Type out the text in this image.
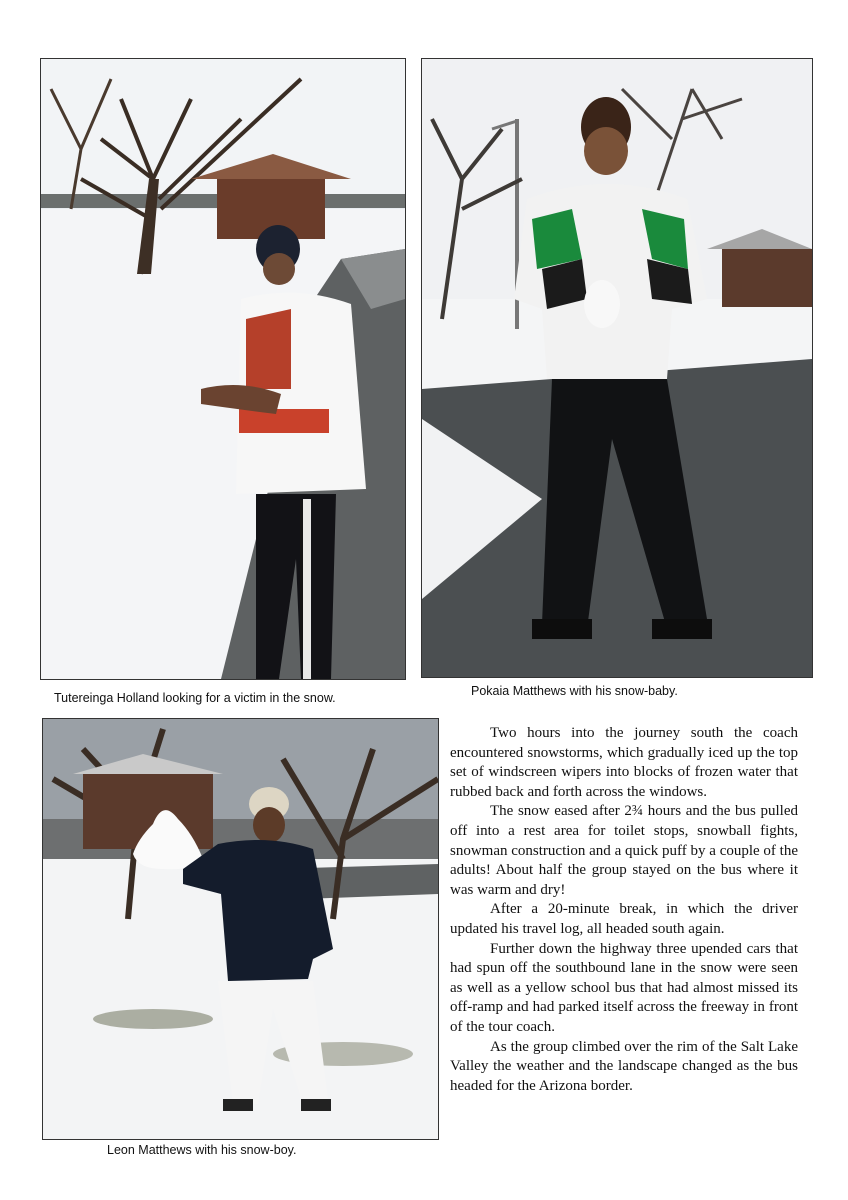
Tutereinga Holland looking for a victim in the snow.	Pokaia Matthews with his snow-baby.
Leon Matthews with his snow-boy.

Two hours into the journey south the coach encountered snowstorms, which gradually iced up the top set of windscreen wipers into blocks of frozen water that rubbed back and forth across the windows.

The snow eased after 2¾ hours and the bus pulled off into a rest area for toilet stops, snowball fights, snowman construction and a quick puff by a couple of the adults! About half the group stayed on the bus where it was warm and dry!

After a 20-minute break, in which the driver updated his travel log, all headed south again.

Further down the highway three upended cars that had spun off the southbound lane in the snow were seen as well as a yellow school bus that had almost missed its off-ramp and had parked itself across the freeway in front of the tour coach.

As the group climbed over the rim of the Salt Lake Valley the weather and the landscape changed as the bus headed for the Arizona border.
